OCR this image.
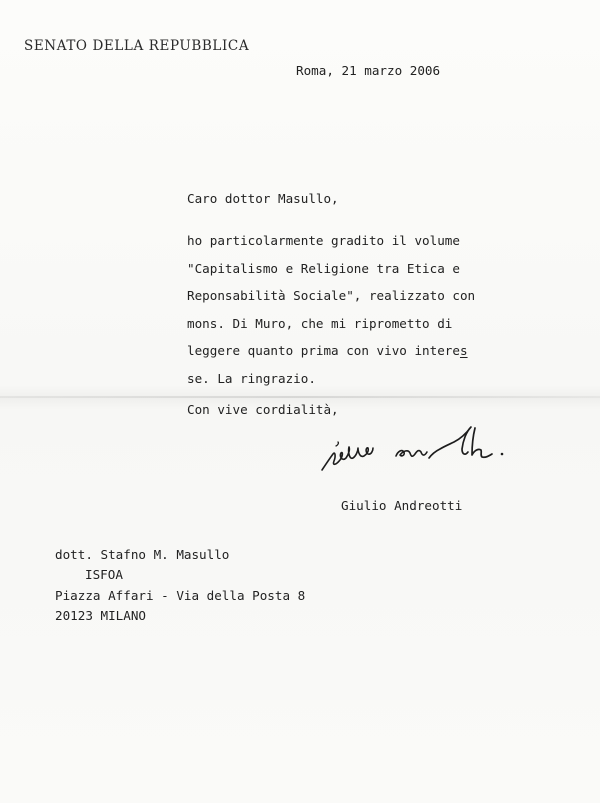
SENATO DELLA REPUBBLICA
Roma, 21 marzo 2006
Caro dottor Masullo,
ho particolarmente gradito il volume
"Capitalismo e Religione tra Etica e
Reponsabilità Sociale", realizzato con
mons. Di Muro, che mi riprometto di
leggere quanto prima con vivo interes
se. La ringrazio.
Con vive cordialità,
Giulio Andreotti
dott. Stafno M. Masullo
ISFOA
Piazza Affari - Via della Posta 8
20123 MILANO
